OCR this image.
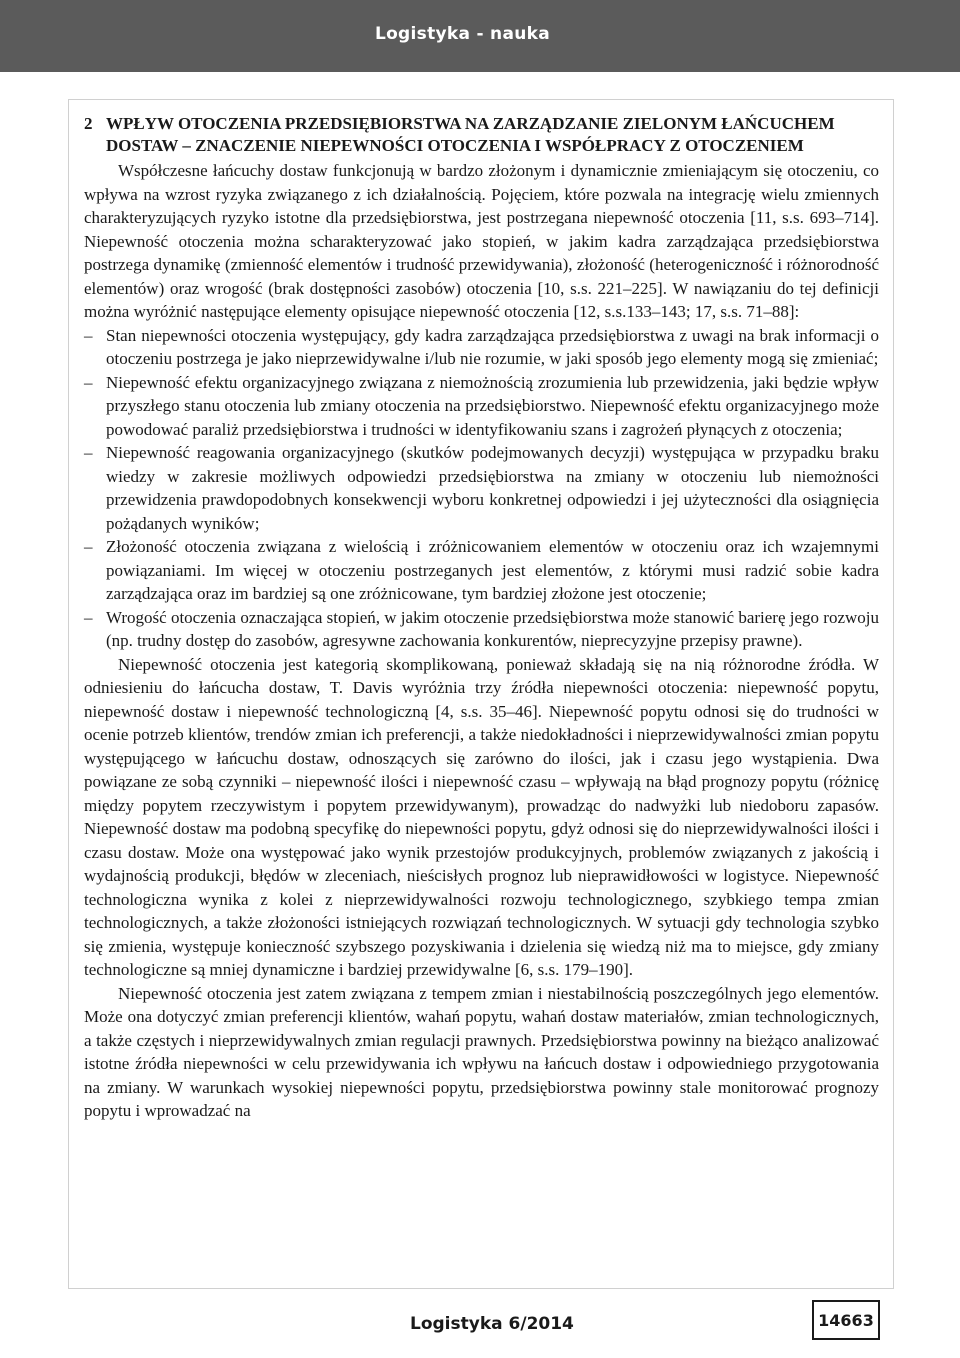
Logistyka - nauka
2 WPŁYW OTOCZENIA PRZEDSIĘBIORSTWA NA ZARZĄDZANIE ZIELONYM ŁAŃCUCHEM DOSTAW – ZNACZENIE NIEPEWNOŚCI OTOCZENIA I WSPÓŁPRACY Z OTOCZENIEM

Współczesne łańcuchy dostaw funkcjonują w bardzo złożonym i dynamicznie zmieniającym się otoczeniu, co wpływa na wzrost ryzyka związanego z ich działalnością. Pojęciem, które pozwala na integrację wielu zmiennych charakteryzujących ryzyko istotne dla przedsiębiorstwa, jest postrzegana niepewność otoczenia [11, s.s. 693–714]. Niepewność otoczenia można scharakteryzować jako stopień, w jakim kadra zarządzająca przedsiębiorstwa postrzega dynamikę (zmienność elementów i trudność przewidywania), złożoność (heterogeniczność i różnorodność elementów) oraz wrogość (brak dostępności zasobów) otoczenia [10, s.s. 221–225]. W nawiązaniu do tej definicji można wyróżnić następujące elementy opisujące niepewność otoczenia [12, s.s.133–143; 17, s.s. 71–88]:

– Stan niepewności otoczenia występujący, gdy kadra zarządzająca przedsiębiorstwa z uwagi na brak informacji o otoczeniu postrzega je jako nieprzewidywalne i/lub nie rozumie, w jaki sposób jego elementy mogą się zmieniać;
– Niepewność efektu organizacyjnego związana z niemożnością zrozumienia lub przewidzenia, jaki będzie wpływ przyszłego stanu otoczenia lub zmiany otoczenia na przedsiębiorstwo. Niepewność efektu organizacyjnego może powodować paraliż przedsiębiorstwa i trudności w identyfikowaniu szans i zagrożeń płynących z otoczenia;
– Niepewność reagowania organizacyjnego (skutków podejmowanych decyzji) występująca w przypadku braku wiedzy w zakresie możliwych odpowiedzi przedsiębiorstwa na zmiany w otoczeniu lub niemożności przewidzenia prawdopodobnych konsekwencji wyboru konkretnej odpowiedzi i jej użyteczności dla osiągnięcia pożądanych wyników;
– Złożoność otoczenia związana z wielością i zróżnicowaniem elementów w otoczeniu oraz ich wzajemnymi powiązaniami. Im więcej w otoczeniu postrzeganych jest elementów, z którymi musi radzić sobie kadra zarządzająca oraz im bardziej są one zróżnicowane, tym bardziej złożone jest otoczenie;
– Wrogość otoczenia oznaczająca stopień, w jakim otoczenie przedsiębiorstwa może stanowić barierę jego rozwoju (np. trudny dostęp do zasobów, agresywne zachowania konkurentów, nieprecyzyjne przepisy prawne).

Niepewność otoczenia jest kategorią skomplikowaną, ponieważ składają się na nią różnorodne źródła. W odniesieniu do łańcucha dostaw, T. Davis wyróżnia trzy źródła niepewności otoczenia: niepewność popytu, niepewność dostaw i niepewność technologiczną [4, s.s. 35–46]. Niepewność popytu odnosi się do trudności w ocenie potrzeb klientów, trendów zmian ich preferencji, a także niedokładności i nieprzewidywalności zmian popytu występującego w łańcuchu dostaw, odnoszących się zarówno do ilości, jak i czasu jego wystąpienia. Dwa powiązane ze sobą czynniki – niepewność ilości i niepewność czasu – wpływają na błąd prognozy popytu (różnicę między popytem rzeczywistym i popytem przewidywanym), prowadząc do nadwyżki lub niedoboru zapasów. Niepewność dostaw ma podobną specyfikę do niepewności popytu, gdyż odnosi się do nieprzewidywalności ilości i czasu dostaw. Może ona występować jako wynik przestojów produkcyjnych, problemów związanych z jakością i wydajnością produkcji, błędów w zleceniach, nieścisłych prognoz lub nieprawidłowości w logistyce. Niepewność technologiczna wynika z kolei z nieprzewidywalności rozwoju technologicznego, szybkiego tempa zmian technologicznych, a także złożoności istniejących rozwiązań technologicznych. W sytuacji gdy technologia szybko się zmienia, występuje konieczność szybszego pozyskiwania i dzielenia się wiedzą niż ma to miejsce, gdy zmiany technologiczne są mniej dynamiczne i bardziej przewidywalne [6, s.s. 179–190].

Niepewność otoczenia jest zatem związana z tempem zmian i niestabilnością poszczególnych jego elementów. Może ona dotyczyć zmian preferencji klientów, wahań popytu, wahań dostaw materiałów, zmian technologicznych, a także częstych i nieprzewidywalnych zmian regulacji prawnych. Przedsiębiorstwa powinny na bieżąco analizować istotne źródła niepewności w celu przewidywania ich wpływu na łańcuch dostaw i odpowiedniego przygotowania na zmiany. W warunkach wysokiej niepewności popytu, przedsiębiorstwa powinny stale monitorować prognozy popytu i wprowadzać na

Logistyka 6/2014	14663
